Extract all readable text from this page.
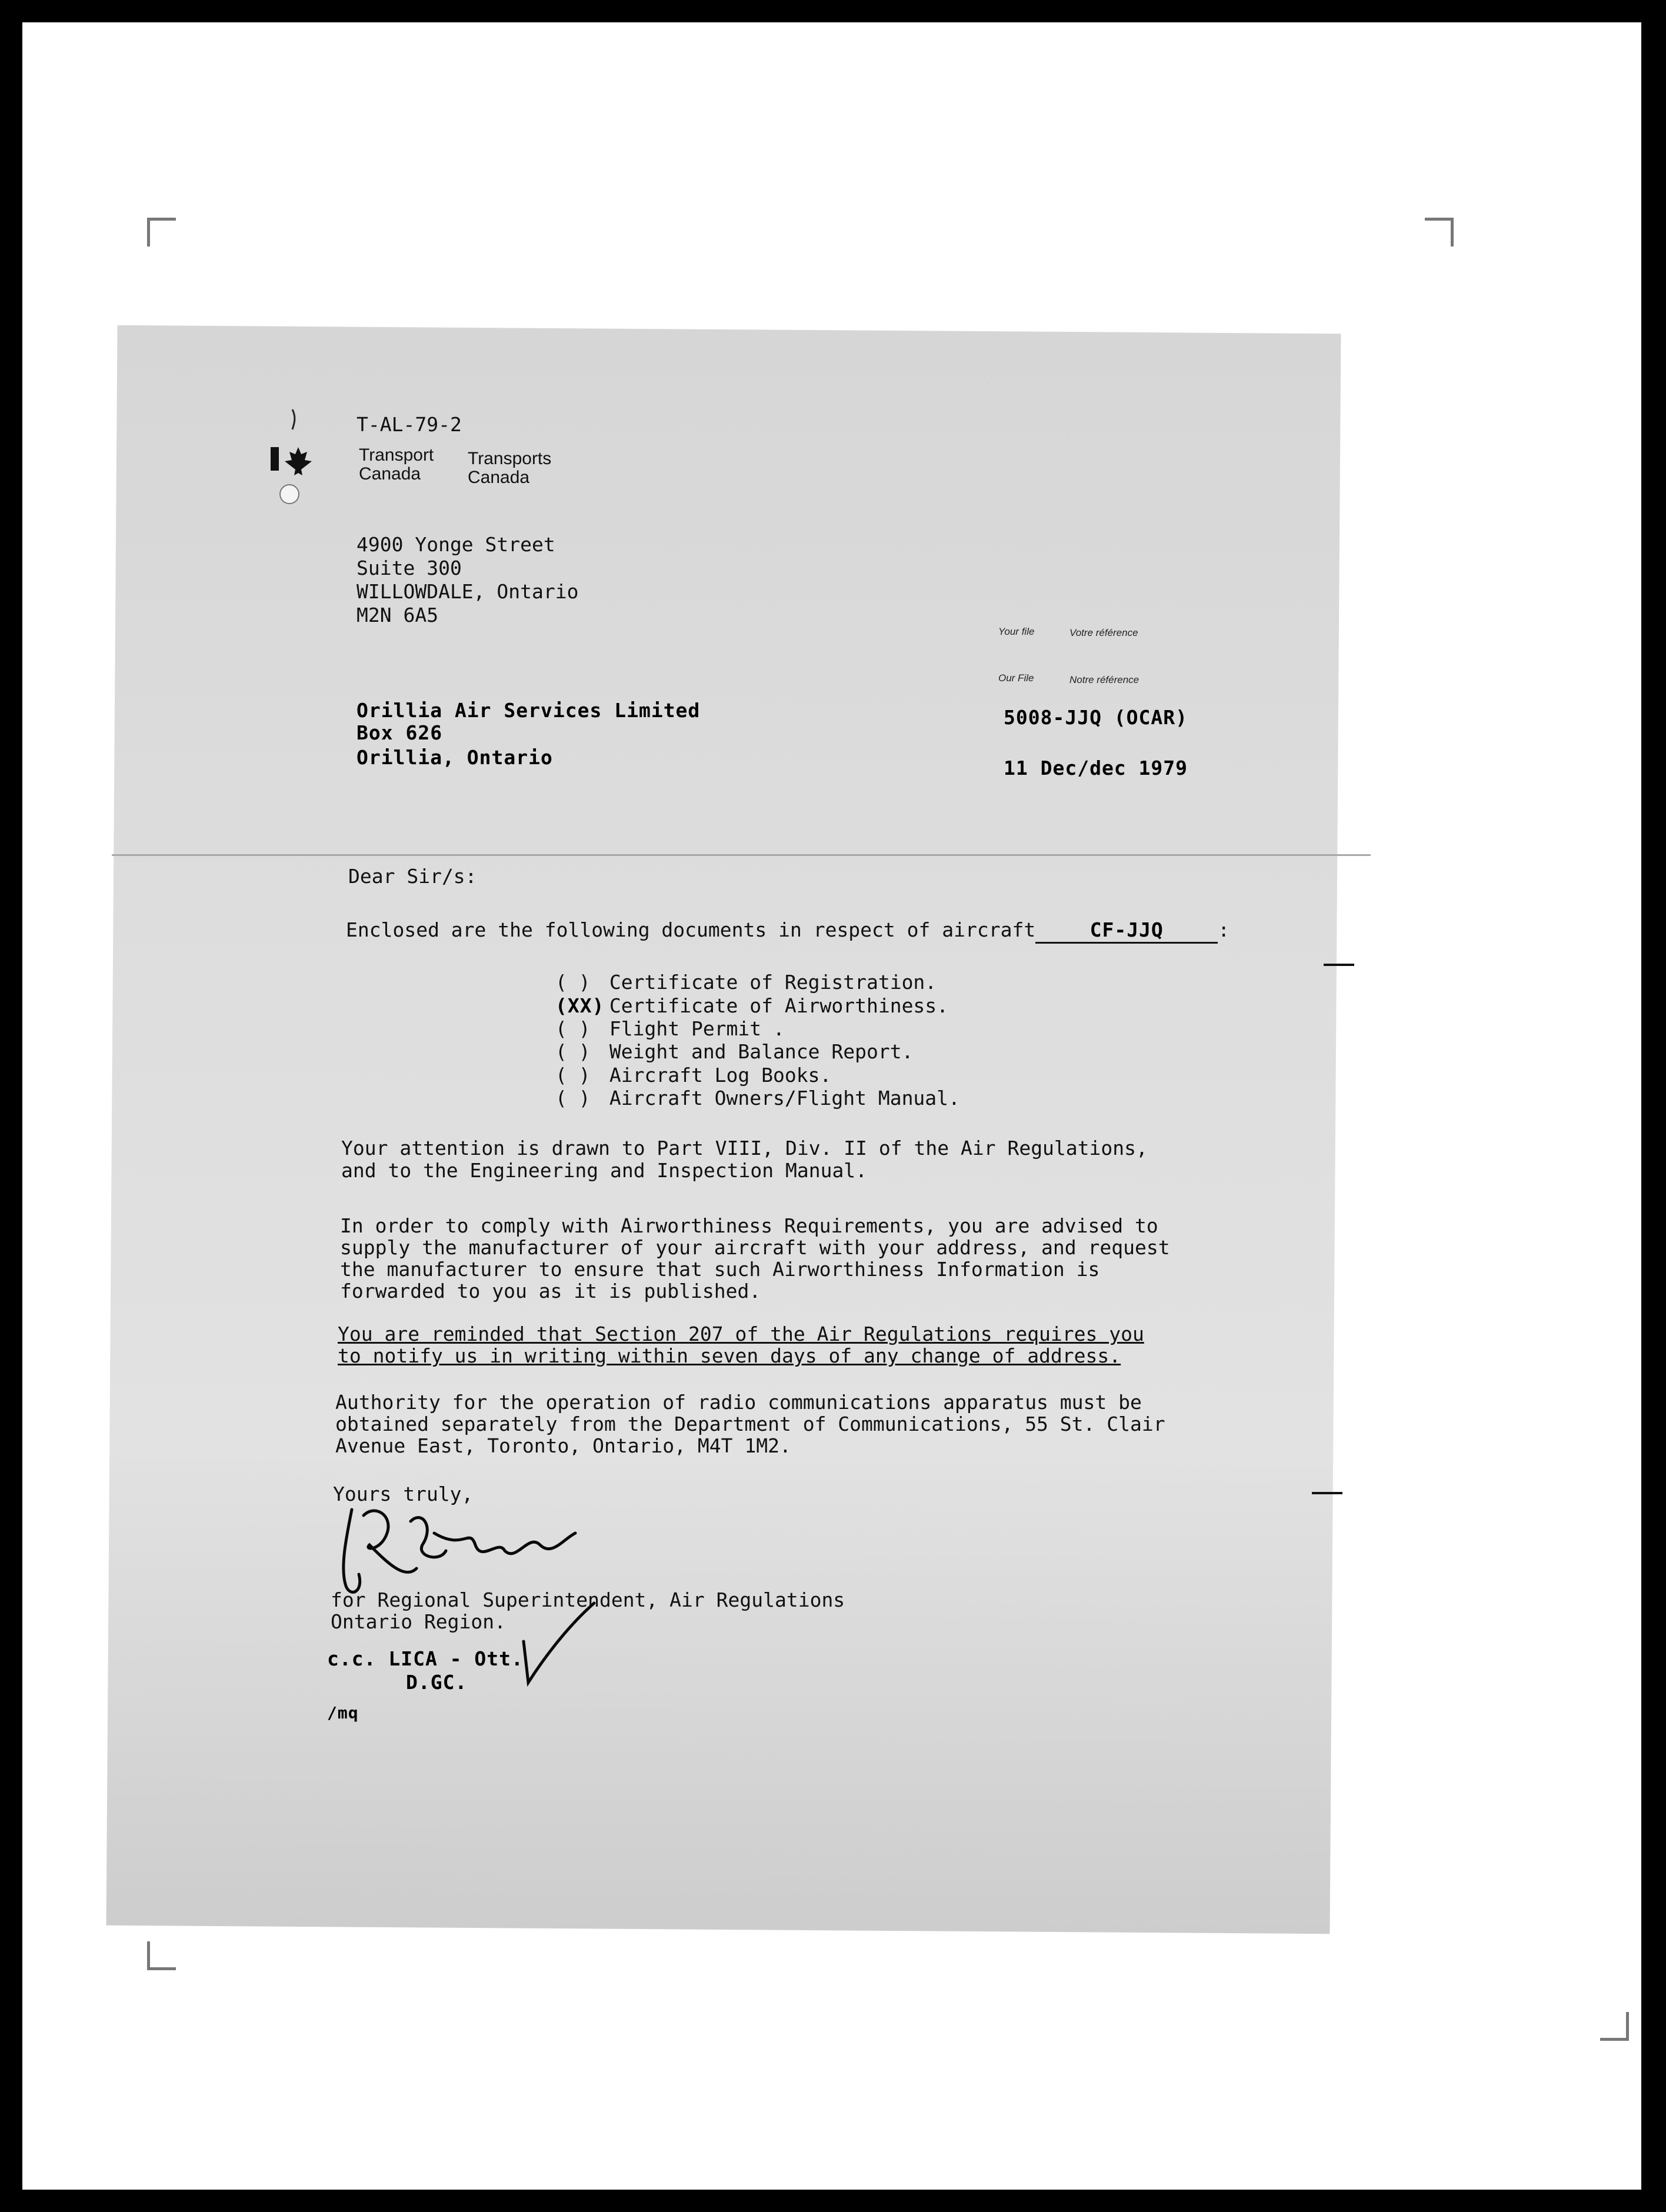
T-AL-79-2
Transport
Canada
Transports
Canada
4900 Yonge Street
Suite 300
WILLOWDALE, Ontario
M2N 6A5
Your file	Votre référence
Our File	Notre référence
5008-JJQ (OCAR)
11 Dec/dec 1979
Orillia Air Services Limited
Box 626
Orillia, Ontario
Dear Sir/s:
Enclosed are the following documents in respect of aircraft	CF-JJQ	:
( ) Certificate of Registration.
(XX) Certificate of Airworthiness.
( ) Flight Permit .
( ) Weight and Balance Report.
( ) Aircraft Log Books.
( ) Aircraft Owners/Flight Manual.
Your attention is drawn to Part VIII, Div. II of the Air Regulations,
and to the Engineering and Inspection Manual.
In order to comply with Airworthiness Requirements, you are advised to
supply the manufacturer of your aircraft with your address, and request
the manufacturer to ensure that such Airworthiness Information is
forwarded to you as it is published.
You are reminded that Section 207 of the Air Regulations requires you
to notify us in writing within seven days of any change of address.
Authority for the operation of radio communications apparatus must be
obtained separately from the Department of Communications, 55 St. Clair
Avenue East, Toronto, Ontario, M4T 1M2.
Yours truly,
for Regional Superintendent, Air Regulations
Ontario Region.
c.c. LICA - Ott.
D.GC.
/mq
